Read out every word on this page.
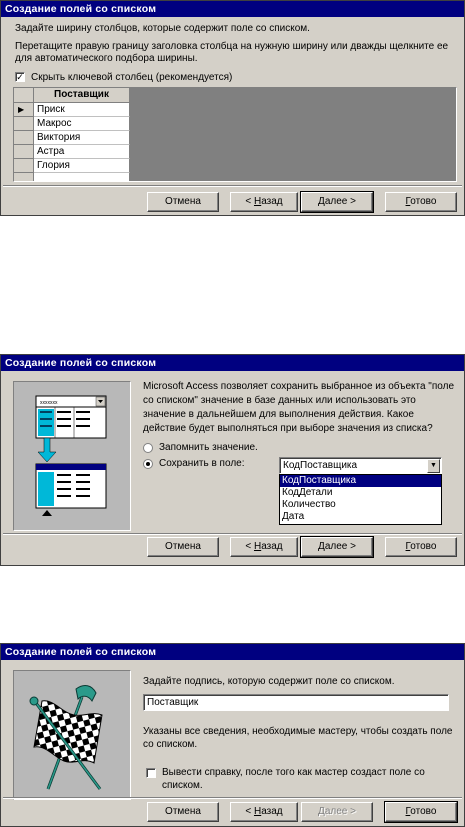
Создание полей со списком
Задайте ширину столбцов, которые содержит поле со списком.
Перетащите правую границу заголовка столбца на нужную ширину или дважды щелкните ее
для автоматического подбора ширины.
✓ Скрыть ключевой столбец (рекомендуется)
Поставщик
▶	Приск
Макрос
Виктория
Астра
Глория
Отмена	< Назад	Далее >	Готово
Создание полей со списком
xxxxxxx
Microsoft Access позволяет сохранить выбранное из объекта "поле
со списком" значение в базе данных или использовать это
значение в дальнейшем для выполнения действия. Какое
действие будет выполняться при выборе значения из списка?
Запомнить значение.
Сохранить в поле:	КодПоставщика	▼
КодПоставщика
КодДетали
Количество
Дата
Отмена	< Назад	Далее >	Готово
Создание полей со списком
Задайте подпись, которую содержит поле со списком.
Поставщик
Указаны все сведения, необходимые мастеру, чтобы создать поле
со списком.
Вывести справку, после того как мастер создаст поле со
списком.
Отмена	< Назад	Далее >	Готово
